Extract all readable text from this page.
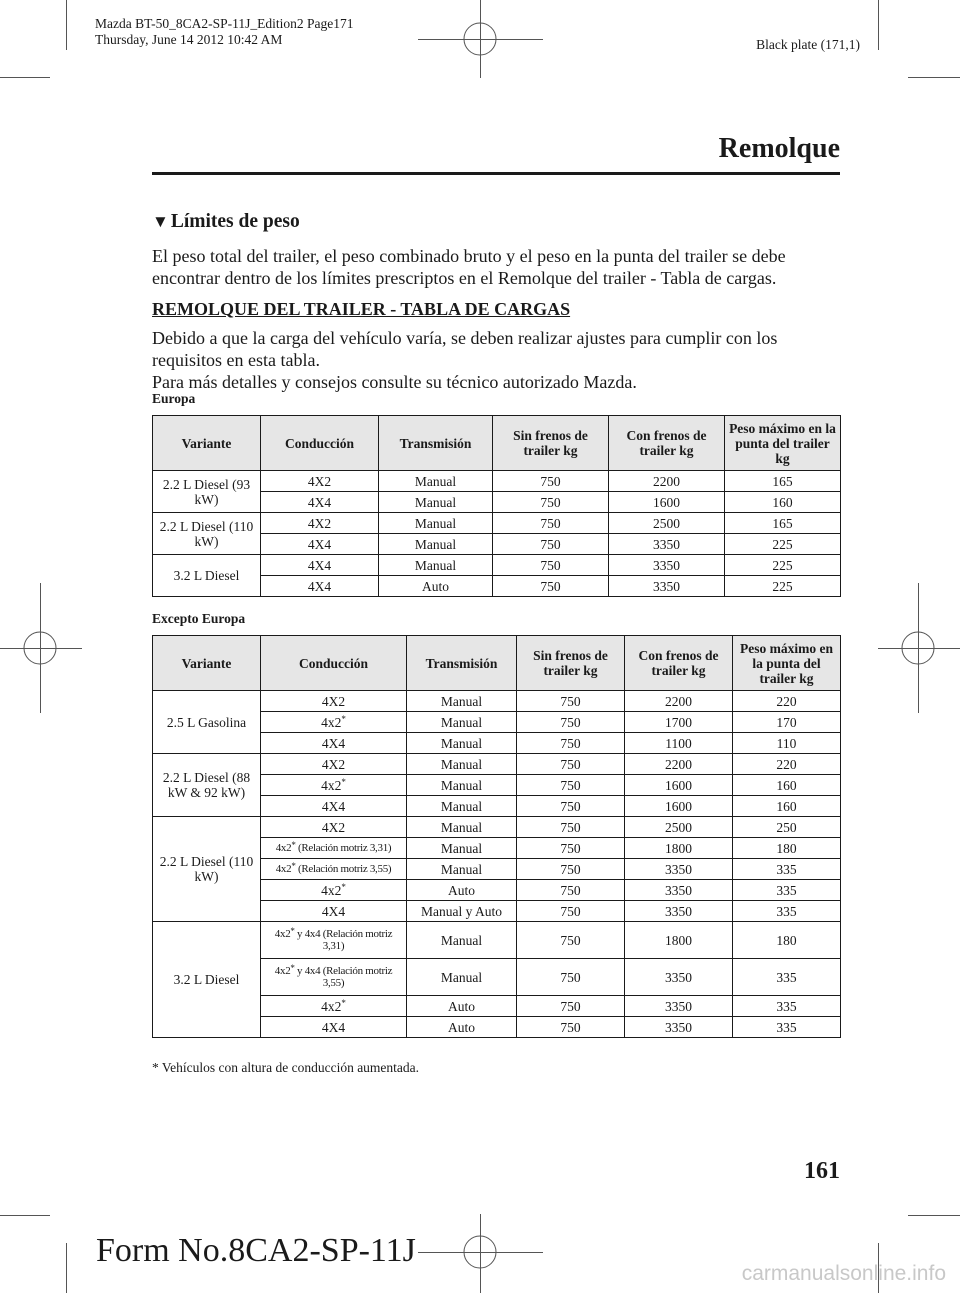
Mazda BT-50_8CA2-SP-11J_Edition2 Page171
Thursday, June 14 2012 10:42 AM	Black plate (171,1)
Remolque
▼ Límites de peso
El peso total del trailer, el peso combinado bruto y el peso en la punta del trailer se debe encontrar dentro de los límites prescriptos en el Remolque del trailer - Tabla de cargas.
REMOLQUE DEL TRAILER - TABLA DE CARGAS
Debido a que la carga del vehículo varía, se deben realizar ajustes para cumplir con los requisitos en esta tabla.
Para más detalles y consejos consulte su técnico autorizado Mazda.
Europa
Variante	Conducción	Transmisión	Sin frenos de trailer kg	Con frenos de trailer kg	Peso máximo en la punta del trailer kg
2.2 L Diesel (93 kW)	4X2	Manual	750	2200	165
	4X4	Manual	750	1600	160
2.2 L Diesel (110 kW)	4X2	Manual	750	2500	165
	4X4	Manual	750	3350	225
3.2 L Diesel	4X4	Manual	750	3350	225
	4X4	Auto	750	3350	225
Excepto Europa
Variante	Conducción	Transmisión	Sin frenos de trailer kg	Con frenos de trailer kg	Peso máximo en la punta del trailer kg
2.5 L Gasolina	4X2	Manual	750	2200	220
	4x2*	Manual	750	1700	170
	4X4	Manual	750	1100	110
2.2 L Diesel (88 kW & 92 kW)	4X2	Manual	750	2200	220
	4x2*	Manual	750	1600	160
	4X4	Manual	750	1600	160
2.2 L Diesel (110 kW)	4X2	Manual	750	2500	250
	4x2* (Relación motriz 3,31)	Manual	750	1800	180
	4x2* (Relación motriz 3,55)	Manual	750	3350	335
	4x2*	Auto	750	3350	335
	4X4	Manual y Auto	750	3350	335
3.2 L Diesel	4x2* y 4x4 (Relación motriz 3,31)	Manual	750	1800	180
	4x2* y 4x4 (Relación motriz 3,55)	Manual	750	3350	335
	4x2*	Auto	750	3350	335
	4X4	Auto	750	3350	335
* Vehículos con altura de conducción aumentada.
161
Form No.8CA2-SP-11J
carmanualsonline.info
